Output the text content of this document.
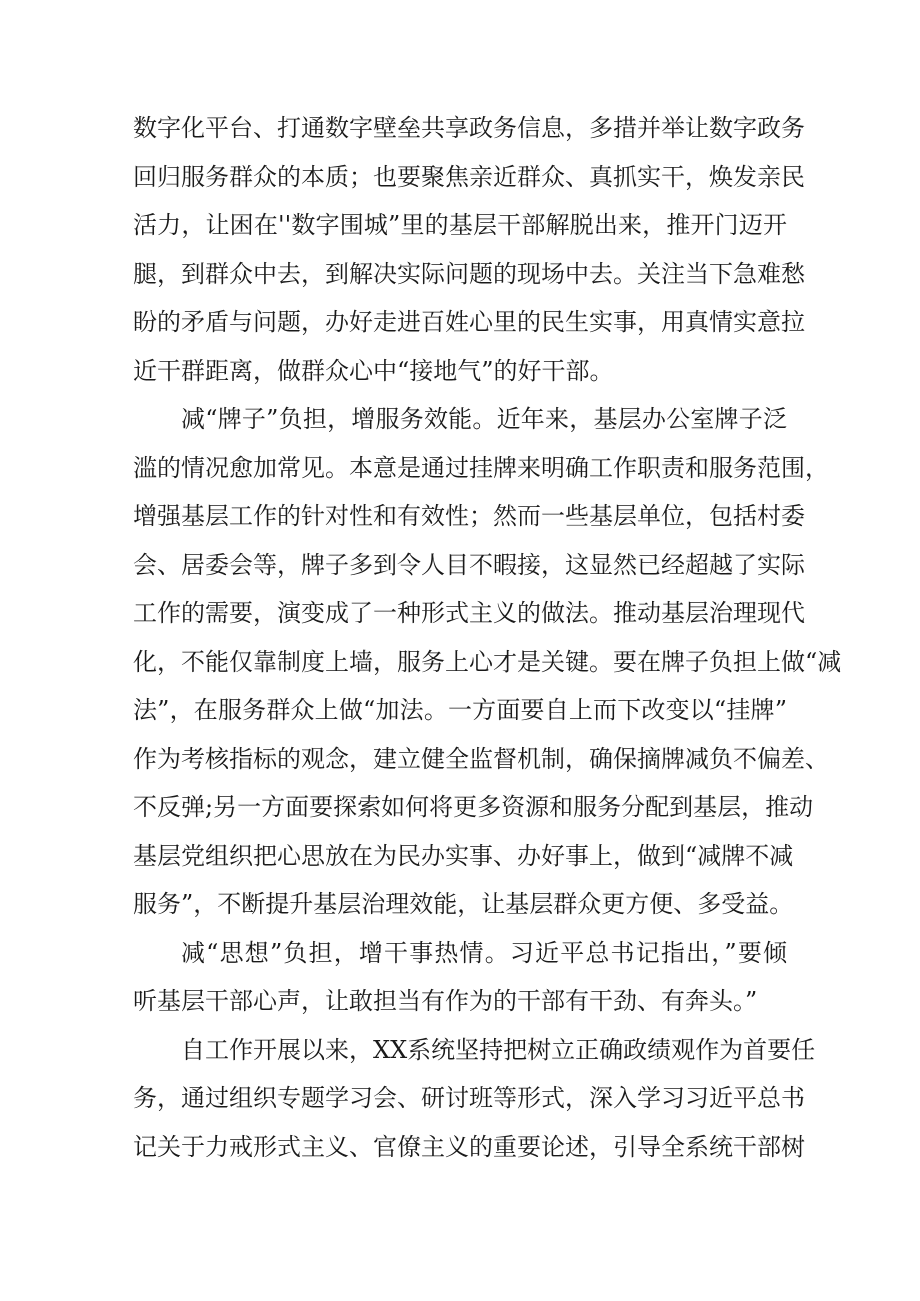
数字化平台、打通数字壁垒共享政务信息，多措并举让数字政务
回归服务群众的本质；也要聚焦亲近群众、真抓实干，焕发亲民
活力，让困在''数字围城”里的基层干部解脱出来，推开门迈开
腿，到群众中去，到解决实际问题的现场中去。关注当下急难愁
盼的矛盾与问题，办好走进百姓心里的民生实事，用真情实意拉
近干群距离，做群众心中“接地气”的好干部。
减“牌子”负担，增服务效能。近年来，基层办公室牌子泛
滥的情况愈加常见。本意是通过挂牌来明确工作职责和服务范围，
增强基层工作的针对性和有效性；然而一些基层单位，包括村委
会、居委会等，牌子多到令人目不暇接，这显然已经超越了实际
工作的需要，演变成了一种形式主义的做法。推动基层治理现代
化，不能仅靠制度上墙，服务上心才是关键。要在牌子负担上做“减
法”，在服务群众上做“加法。一方面要自上而下改变以“挂牌”
作为考核指标的观念，建立健全监督机制，确保摘牌减负不偏差、
不反弹;另一方面要探索如何将更多资源和服务分配到基层，推动
基层党组织把心思放在为民办实事、办好事上，做到“减牌不减
服务”，不断提升基层治理效能，让基层群众更方便、多受益。
减“思想”负担，增干事热情。习近平总书记指出，”要倾
听基层干部心声，让敢担当有作为的干部有干劲、有奔头。”
自工作开展以来，XX系统坚持把树立正确政绩观作为首要任
务，通过组织专题学习会、研讨班等形式，深入学习习近平总书
记关于力戒形式主义、官僚主义的重要论述，引导全系统干部树
